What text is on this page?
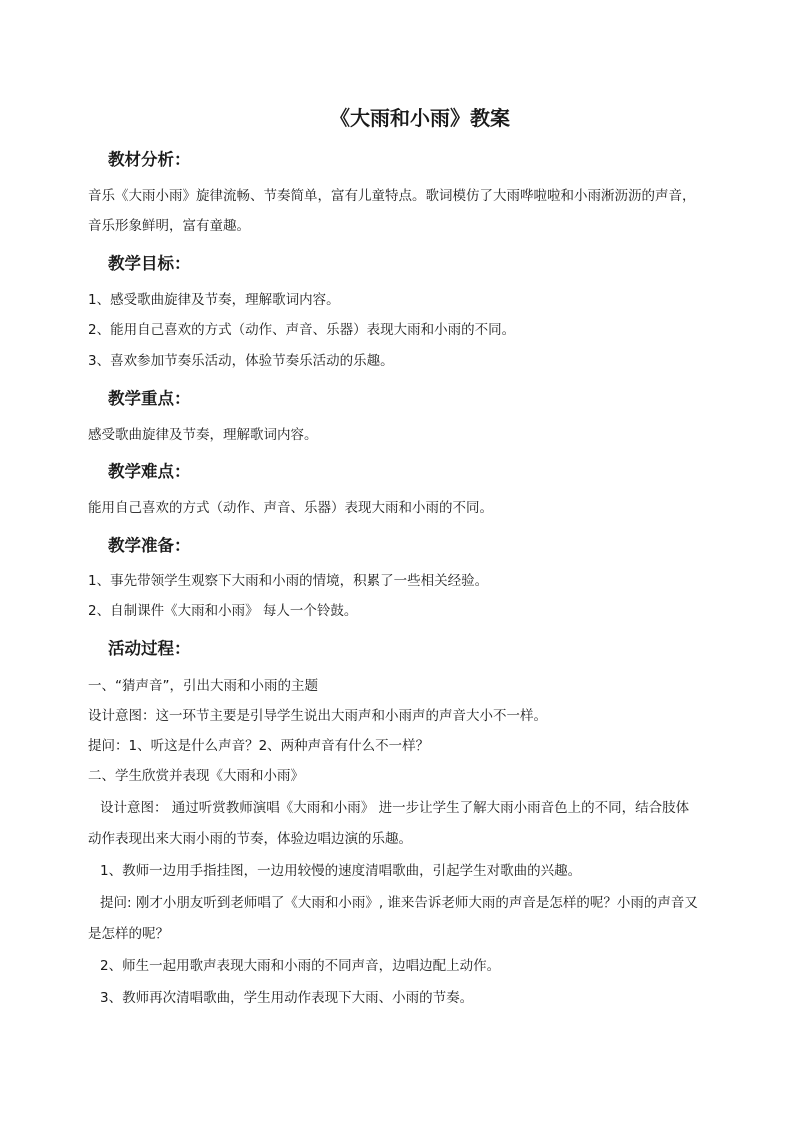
《大雨和小雨》教案
教材分析：
音乐《大雨小雨》旋律流畅、节奏简单，富有儿童特点。歌词模仿了大雨哗啦啦和小雨淅沥沥的声音，
音乐形象鲜明，富有童趣。
教学目标：
1、感受歌曲旋律及节奏，理解歌词内容。
2、能用自己喜欢的方式（动作、声音、乐器）表现大雨和小雨的不同。
3、喜欢参加节奏乐活动，体验节奏乐活动的乐趣。
教学重点：
感受歌曲旋律及节奏，理解歌词内容。
教学难点：
能用自己喜欢的方式（动作、声音、乐器）表现大雨和小雨的不同。
教学准备：
1、事先带领学生观察下大雨和小雨的情境，积累了一些相关经验。
2、自制课件《大雨和小雨》 每人一个铃鼓。
活动过程：
一、“猜声音”，引出大雨和小雨的主题
设计意图：这一环节主要是引导学生说出大雨声和小雨声的声音大小不一样。
提问：1、听这是什么声音？2、两种声音有什么不一样？
二、学生欣赏并表现《大雨和小雨》
设计意图： 通过听赏教师演唱《大雨和小雨》 进一步让学生了解大雨小雨音色上的不同，结合肢体
动作表现出来大雨小雨的节奏，体验边唱边演的乐趣。
1、教师一边用手指挂图，一边用较慢的速度清唱歌曲，引起学生对歌曲的兴趣。
提问: 刚才小朋友听到老师唱了《大雨和小雨》, 谁来告诉老师大雨的声音是怎样的呢？小雨的声音又
是怎样的呢？
2、师生一起用歌声表现大雨和小雨的不同声音，边唱边配上动作。
3、教师再次清唱歌曲，学生用动作表现下大雨、小雨的节奏。
